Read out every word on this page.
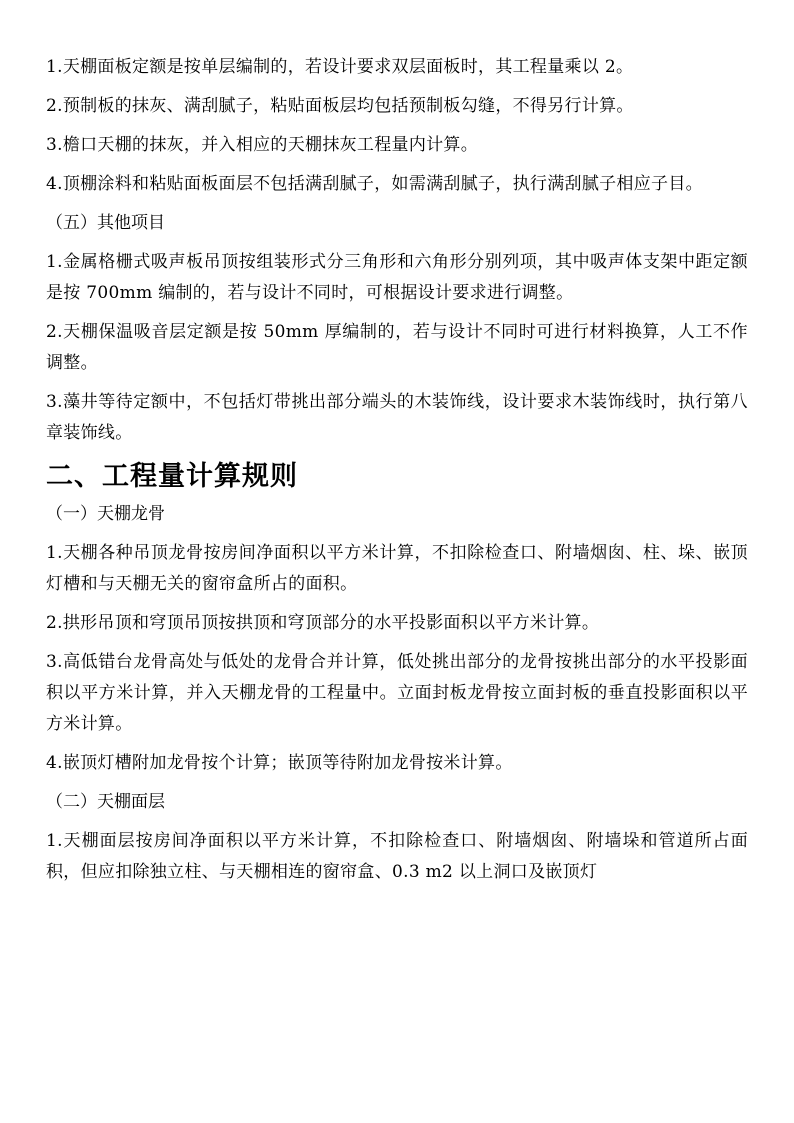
1.天棚面板定额是按单层编制的，若设计要求双层面板时，其工程量乘以 2。

2.预制板的抹灰、满刮腻子，粘贴面板层均包括预制板勾缝，不得另行计算。

3.檐口天棚的抹灰，并入相应的天棚抹灰工程量内计算。

4.顶棚涂料和粘贴面板面层不包括满刮腻子，如需满刮腻子，执行满刮腻子相应子目。

（五）其他项目

1.金属格栅式吸声板吊顶按组装形式分三角形和六角形分别列项，其中吸声体支架中距定额是按 700mm 编制的，若与设计不同时，可根据设计要求进行调整。

2.天棚保温吸音层定额是按 50mm 厚编制的，若与设计不同时可进行材料换算，人工不作调整。

3.藻井等待定额中，不包括灯带挑出部分端头的木装饰线，设计要求木装饰线时，执行第八章装饰线。

二、工程量计算规则

（一）天棚龙骨

1.天棚各种吊顶龙骨按房间净面积以平方米计算，不扣除检查口、附墙烟囱、柱、垛、嵌顶灯槽和与天棚无关的窗帘盒所占的面积。

2.拱形吊顶和穹顶吊顶按拱顶和穹顶部分的水平投影面积以平方米计算。

3.高低错台龙骨高处与低处的龙骨合并计算，低处挑出部分的龙骨按挑出部分的水平投影面积以平方米计算，并入天棚龙骨的工程量中。立面封板龙骨按立面封板的垂直投影面积以平方米计算。

4.嵌顶灯槽附加龙骨按个计算；嵌顶等待附加龙骨按米计算。

（二）天棚面层

1.天棚面层按房间净面积以平方米计算，不扣除检查口、附墙烟囱、附墙垛和管道所占面积，但应扣除独立柱、与天棚相连的窗帘盒、0.3 m2 以上洞口及嵌顶灯
